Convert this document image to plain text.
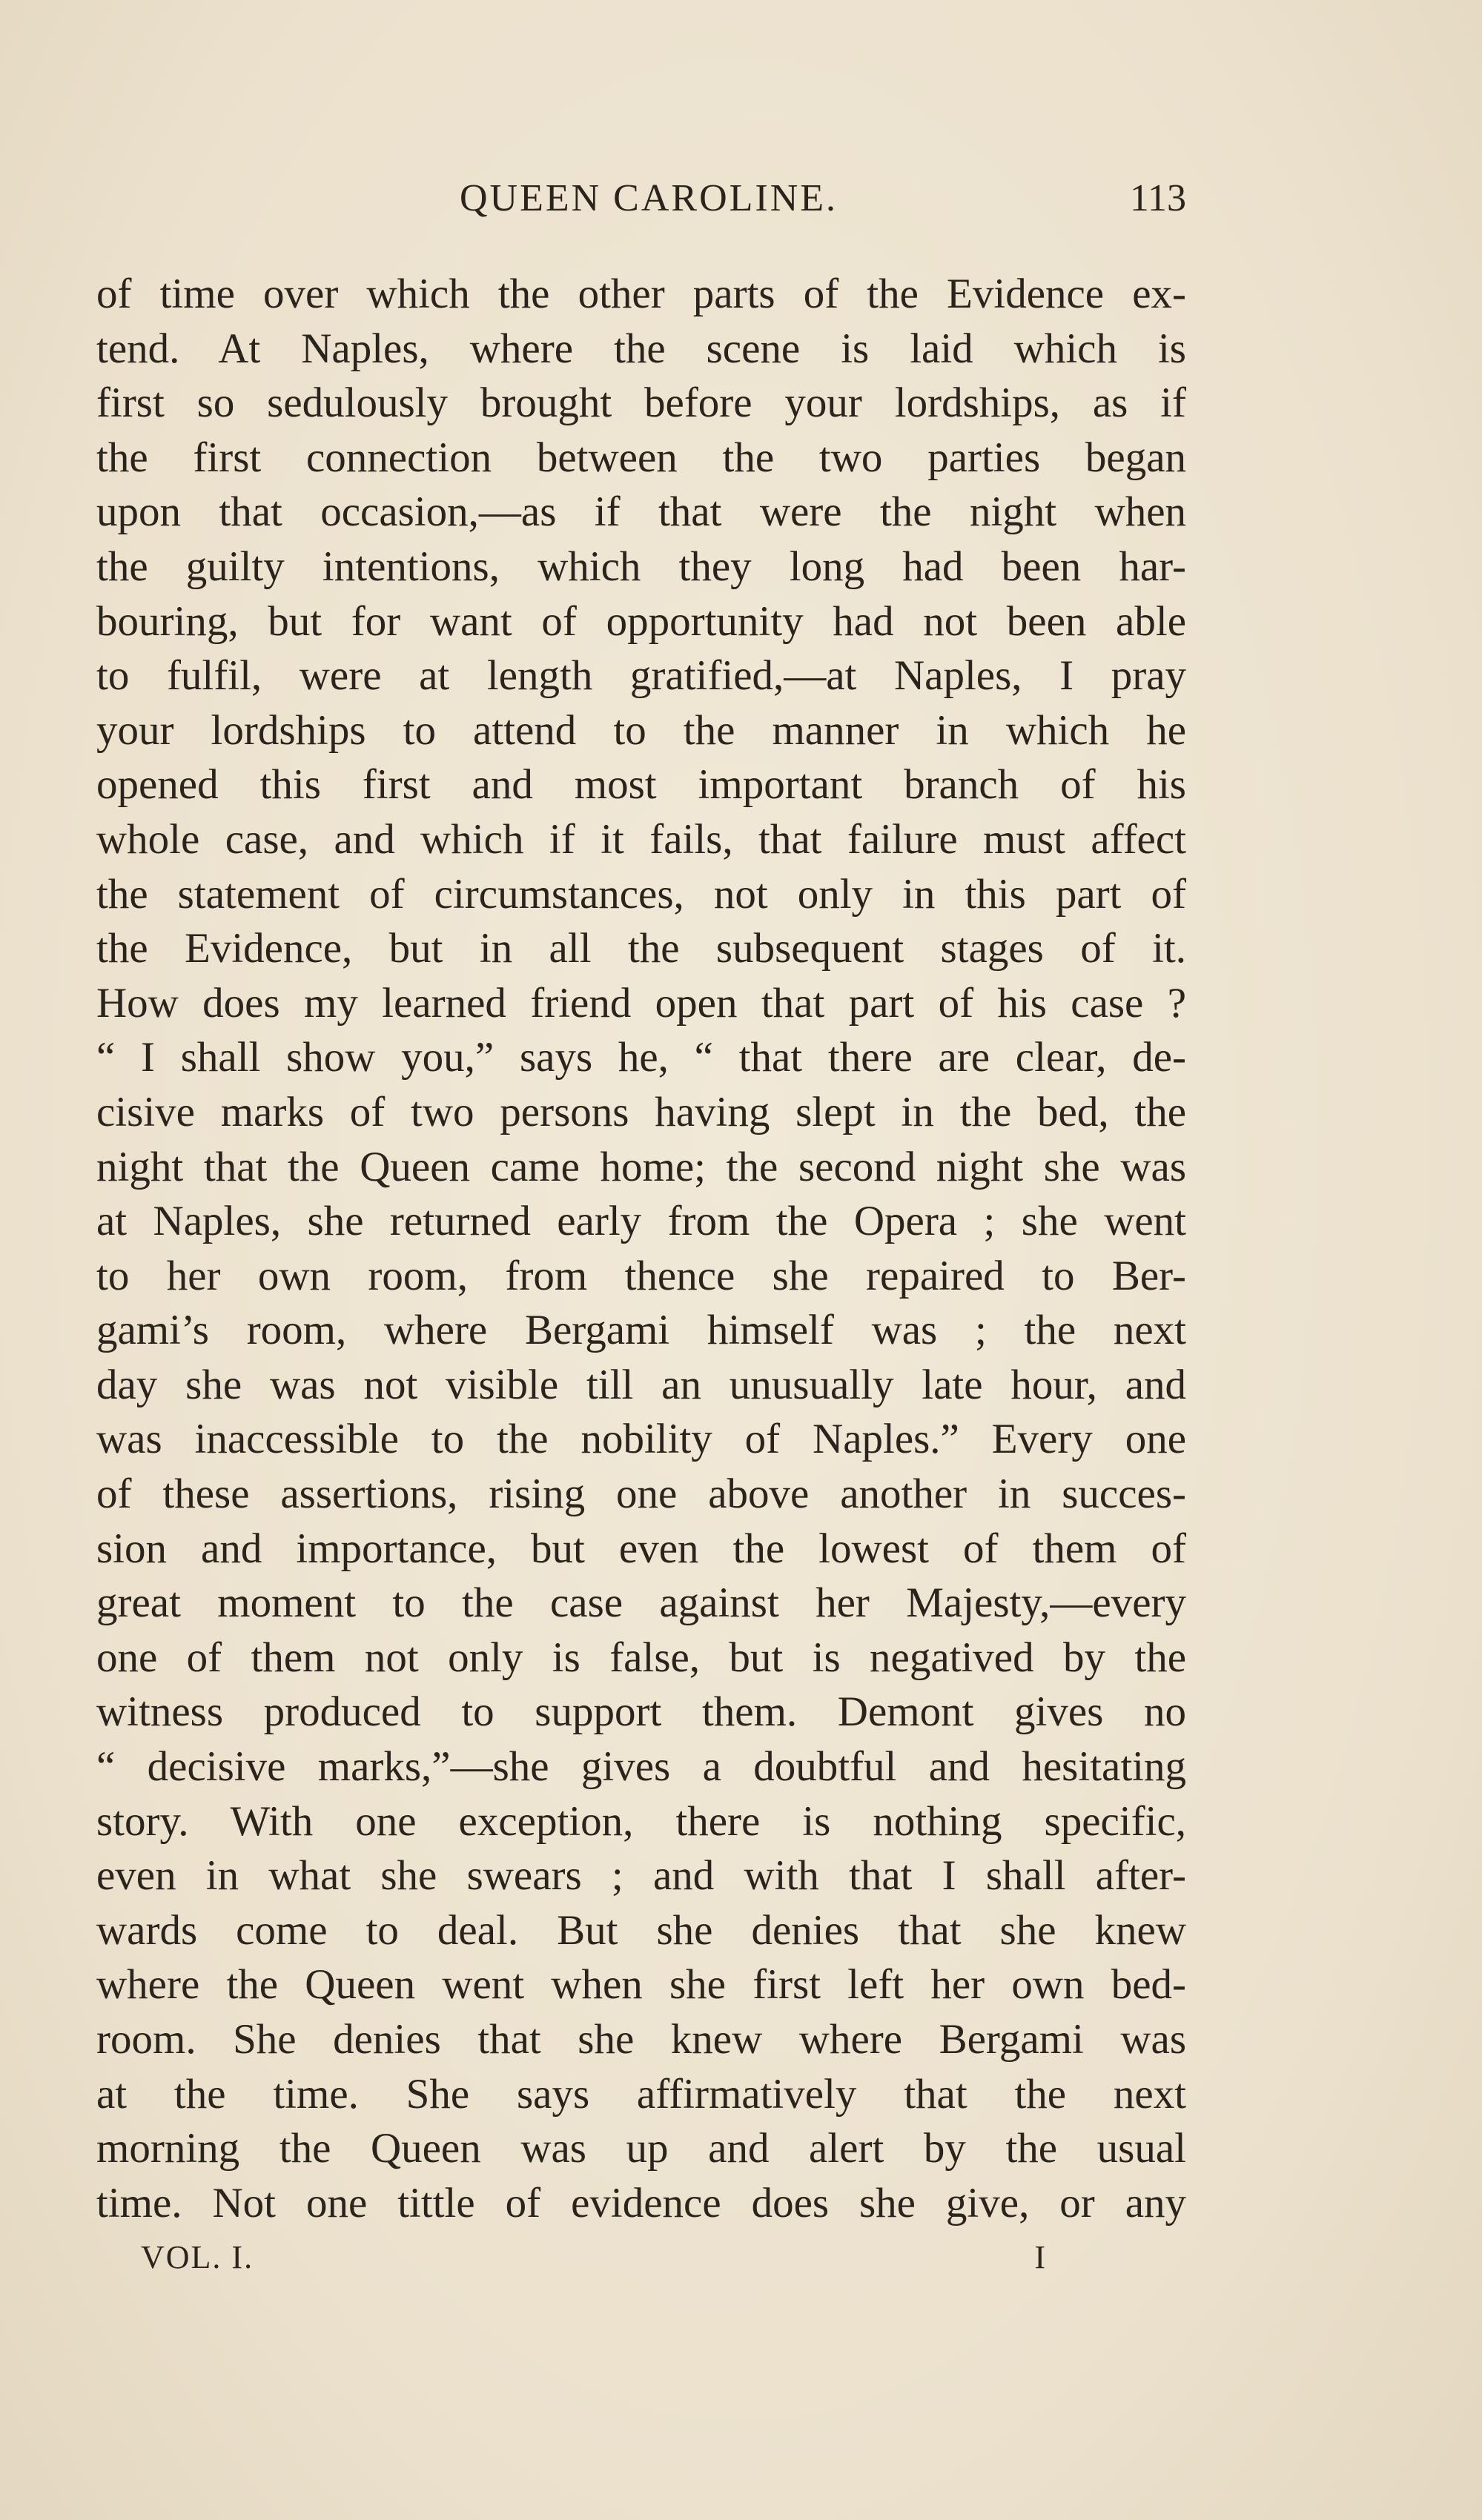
QUEEN CAROLINE.	113
of time over which the other parts of the Evidence ex-
tend. At Naples, where the scene is laid which is
first so sedulously brought before your lordships, as if
the first connection between the two parties began
upon that occasion,—as if that were the night when
the guilty intentions, which they long had been har-
bouring, but for want of opportunity had not been able
to fulfil, were at length gratified,—at Naples, I pray
your lordships to attend to the manner in which he
opened this first and most important branch of his
whole case, and which if it fails, that failure must affect
the statement of circumstances, not only in this part of
the Evidence, but in all the subsequent stages of it.
How does my learned friend open that part of his case ?
“ I shall show you,” says he, “ that there are clear, de-
cisive marks of two persons having slept in the bed, the
night that the Queen came home; the second night she was
at Naples, she returned early from the Opera ; she went
to her own room, from thence she repaired to Ber-
gami’s room, where Bergami himself was ; the next
day she was not visible till an unusually late hour, and
was inaccessible to the nobility of Naples.” Every one
of these assertions, rising one above another in succes-
sion and importance, but even the lowest of them of
great moment to the case against her Majesty,—every
one of them not only is false, but is negatived by the
witness produced to support them. Demont gives no
“ decisive marks,”—she gives a doubtful and hesitating
story. With one exception, there is nothing specific,
even in what she swears ; and with that I shall after-
wards come to deal. But she denies that she knew
where the Queen went when she first left her own bed-
room. She denies that she knew where Bergami was
at the time. She says affirmatively that the next
morning the Queen was up and alert by the usual
time. Not one tittle of evidence does she give, or any
VOL. I.	I
